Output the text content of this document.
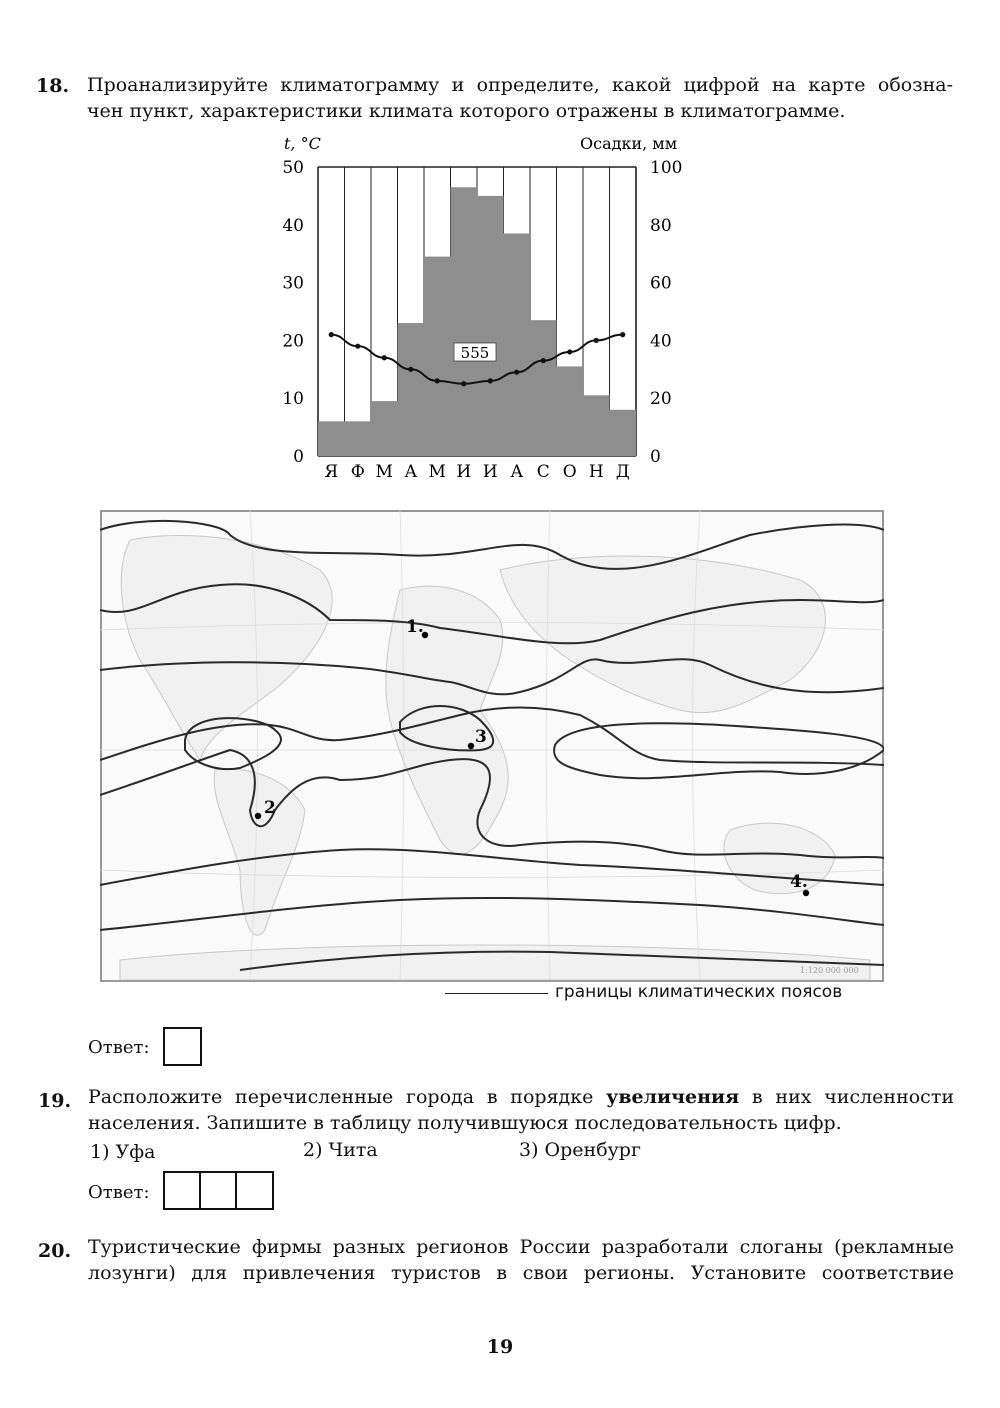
18. Проанализируйте климатограмму и определите, какой цифрой на карте обозна-
чен пункт, характеристики климата которого отражены в климатограмме.
t, °C	Осадки, мм
50
40
30
20
10
0
100
80
60
40
20
0
Я Ф М А М И И А С О Н Д
555
1.
2
3
4.
1:120 000 000
границы климатических поясов
Ответ:
19. Расположите перечисленные города в порядке увеличения в них численности
населения. Запишите в таблицу получившуюся последовательность цифр.
1) Уфа	2) Чита	3) Оренбург
Ответ:
20. Туристические фирмы разных регионов России разработали слоганы (рекламные
лозунги) для привлечения туристов в свои регионы. Установите соответствие
19
